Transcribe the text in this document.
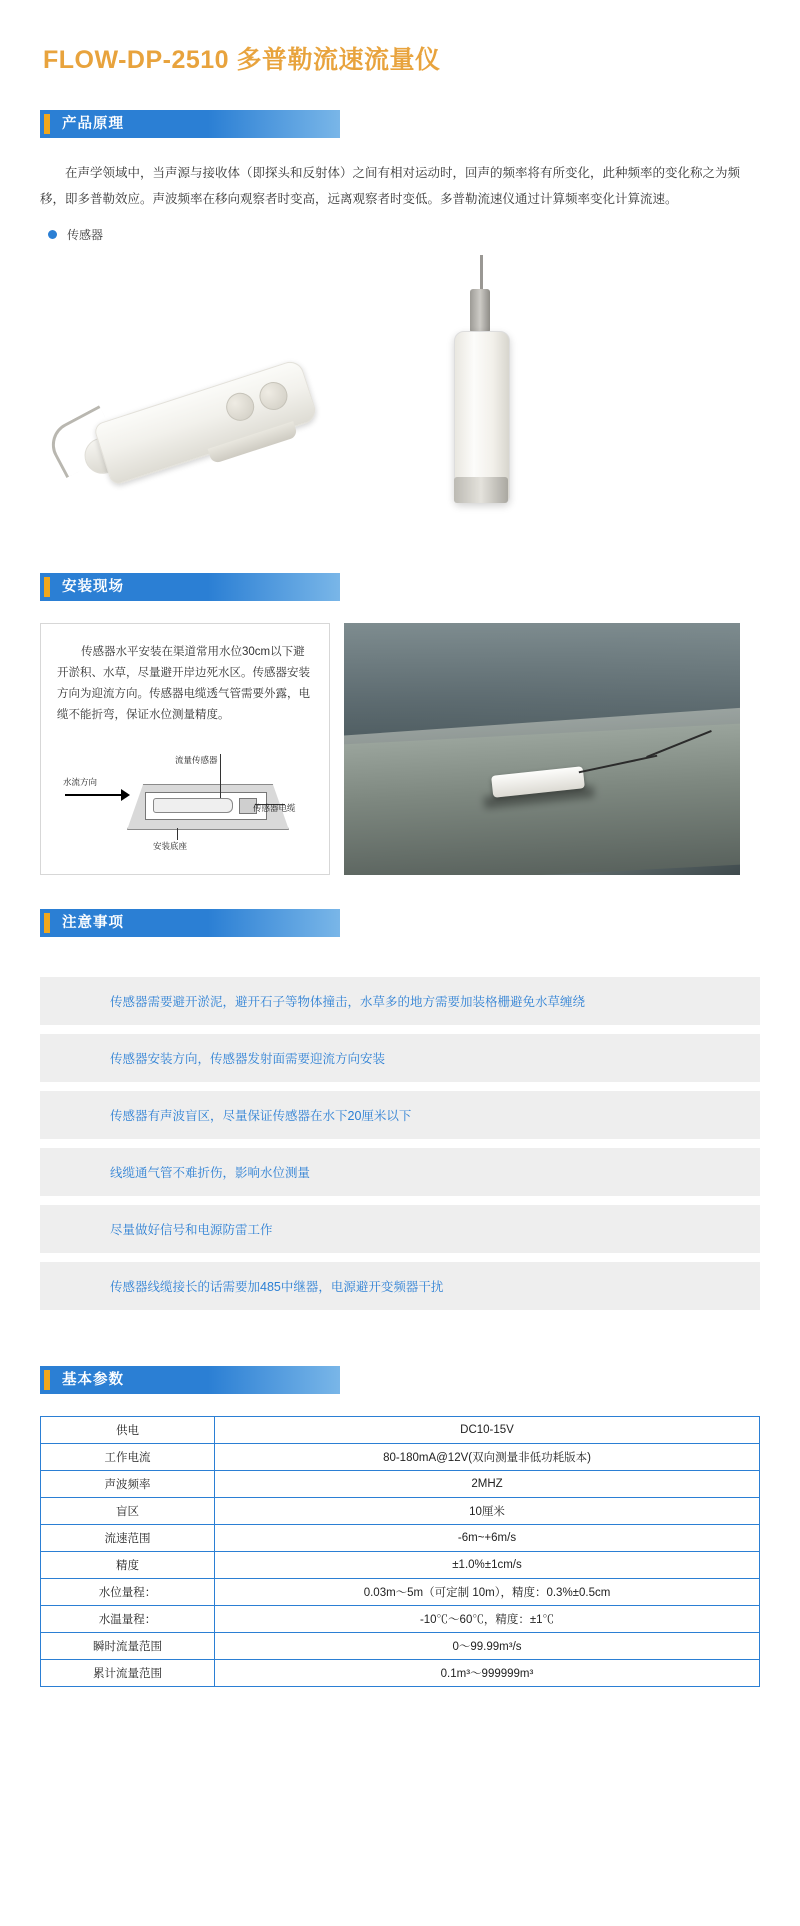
FLOW-DP-2510 多普勒流速流量仪
产品原理
在声学领域中，当声源与接收体（即探头和反射体）之间有相对运动时，回声的频率将有所变化，此种频率的变化称之为频移，即多普勒效应。声波频率在移向观察者时变高，远离观察者时变低。多普勒流速仪通过计算频率变化计算流速。
传感器
安装现场
传感器水平安装在渠道常用水位30cm以下避开淤积、水草，尽量避开岸边死水区。传感器安装方向为迎流方向。传感器电缆透气管需要外露，电缆不能折弯，保证水位测量精度。
水流方向
流量传感器
传感器电缆
安装底座
注意事项
传感器需要避开淤泥，避开石子等物体撞击，水草多的地方需要加装格栅避免水草缠绕
传感器安装方向，传感器发射面需要迎流方向安装
传感器有声波盲区，尽量保证传感器在水下20厘米以下
线缆通气管不难折伤，影响水位测量
尽量做好信号和电源防雷工作
传感器线缆接长的话需要加485中继器，电源避开变频器干扰
基本参数
供电	DC10-15V
工作电流	80-180mA@12V(双向测量非低功耗版本)
声波频率	2MHZ
盲区	10厘米
流速范围	-6m~+6m/s
精度	±1.0%±1cm/s
水位量程：	0.03m～5m（可定制 10m），精度：0.3%±0.5cm
水温量程：	-10℃～60℃，精度：±1℃
瞬时流量范围	0～99.99m³/s
累计流量范围	0.1m³～999999m³
